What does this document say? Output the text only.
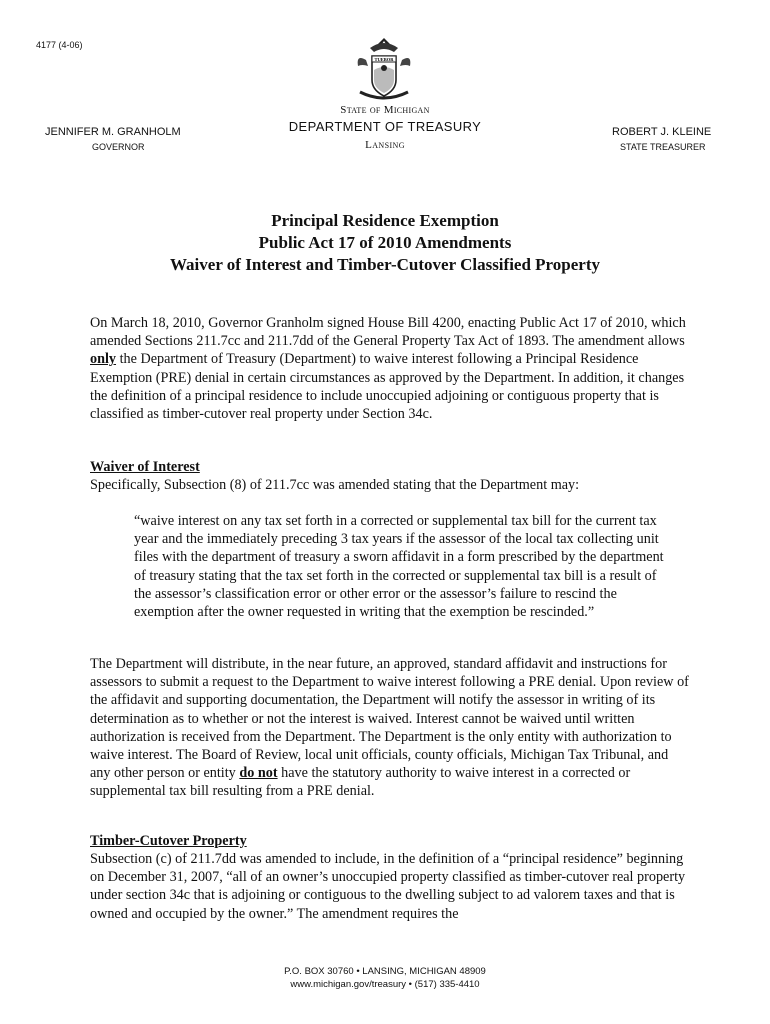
4177 (4-06)
TUEBOR
State of Michigan
DEPARTMENT OF TREASURY
Lansing
JENNIFER M. GRANHOLM
GOVERNOR
ROBERT J. KLEINE
STATE TREASURER
Principal Residence Exemption
Public Act 17 of 2010 Amendments
Waiver of Interest and Timber-Cutover Classified Property

On March 18, 2010, Governor Granholm signed House Bill 4200, enacting Public Act 17 of 2010, which amended Sections 211.7cc and 211.7dd of the General Property Tax Act of 1893. The amendment allows only the Department of Treasury (Department) to waive interest following a Principal Residence Exemption (PRE) denial in certain circumstances as approved by the Department. In addition, it changes the definition of a principal residence to include unoccupied adjoining or contiguous property that is classified as timber-cutover real property under Section 34c.

Waiver of Interest
Specifically, Subsection (8) of 211.7cc was amended stating that the Department may:
“waive interest on any tax set forth in a corrected or supplemental tax bill for the current tax year and the immediately preceding 3 tax years if the assessor of the local tax collecting unit files with the department of treasury a sworn affidavit in a form prescribed by the department of treasury stating that the tax set forth in the corrected or supplemental tax bill is a result of the assessor’s classification error or other error or the assessor’s failure to rescind the exemption after the owner requested in writing that the exemption be rescinded.”

The Department will distribute, in the near future, an approved, standard affidavit and instructions for assessors to submit a request to the Department to waive interest following a PRE denial. Upon review of the affidavit and supporting documentation, the Department will notify the assessor in writing of its determination as to whether or not the interest is waived. Interest cannot be waived until written authorization is received from the Department. The Department is the only entity with authorization to waive interest. The Board of Review, local unit officials, county officials, Michigan Tax Tribunal, and any other person or entity do not have the statutory authority to waive interest in a corrected or supplemental tax bill resulting from a PRE denial.

Timber-Cutover Property
Subsection (c) of 211.7dd was amended to include, in the definition of a “principal residence” beginning on December 31, 2007, “all of an owner’s unoccupied property classified as timber-cutover real property under section 34c that is adjoining or contiguous to the dwelling subject to ad valorem taxes and that is owned and occupied by the owner.” The amendment requires the
P.O. BOX 30760 • LANSING, MICHIGAN 48909
www.michigan.gov/treasury • (517) 335-4410
